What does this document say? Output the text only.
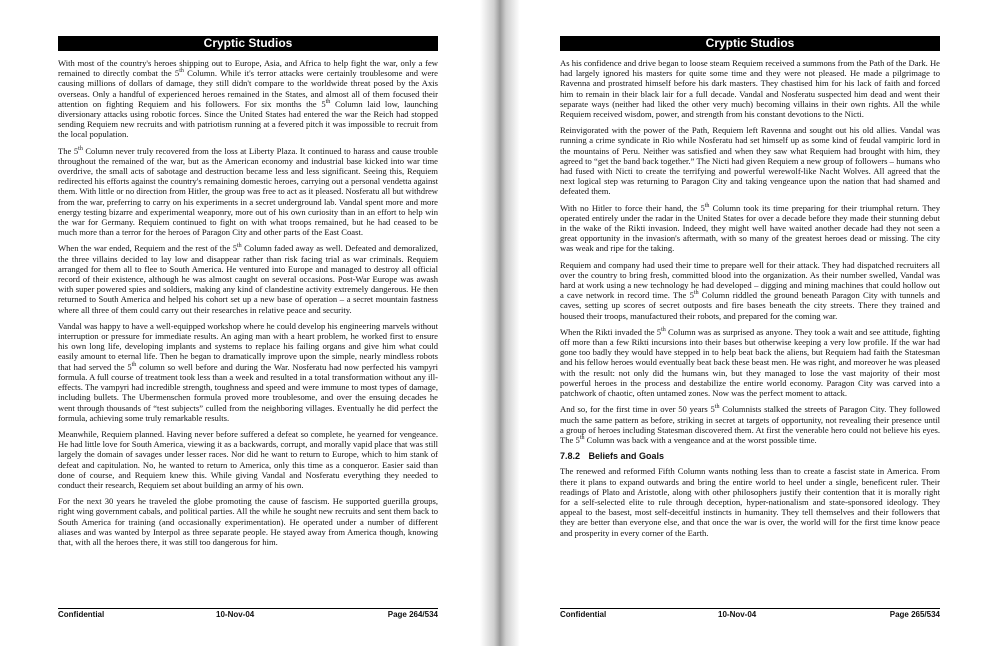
Cryptic Studios

With most of the country's heroes shipping out to Europe, Asia, and Africa to help fight the war, only a few remained to directly combat the 5th Column. While it's terror attacks were certainly troublesome and were causing millions of dollars of damage, they still didn't compare to the worldwide threat posed by the Axis overseas. Only a handful of experienced heroes remained in the States, and almost all of them focused their attention on fighting Requiem and his followers. For six months the 5th Column laid low, launching diversionary attacks using robotic forces. Since the United States had entered the war the Reich had stopped sending Requiem new recruits and with patriotism running at a fevered pitch it was impossible to recruit from the local population.

The 5th Column never truly recovered from the loss at Liberty Plaza. It continued to harass and cause trouble throughout the remained of the war, but as the American economy and industrial base kicked into war time overdrive, the small acts of sabotage and destruction became less and less significant. Seeing this, Requiem redirected his efforts against the country's remaining domestic heroes, carrying out a personal vendetta against them. With little or no direction from Hitler, the group was free to act as it pleased. Nosferatu all but withdrew from the war, preferring to carry on his experiments in a secret underground lab. Vandal spent more and more energy testing bizarre and experimental weaponry, more out of his own curiosity than in an effort to help win the war for Germany. Requiem continued to fight on with what troops remained, but he had ceased to be much more than a terror for the heroes of Paragon City and other parts of the East Coast.

When the war ended, Requiem and the rest of the 5th Column faded away as well. Defeated and demoralized, the three villains decided to lay low and disappear rather than risk facing trial as war criminals. Requiem arranged for them all to flee to South America. He ventured into Europe and managed to destroy all official record of their existence, although he was almost caught on several occasions. Post-War Europe was awash with super powered spies and soldiers, making any kind of clandestine activity extremely dangerous. He then returned to South America and helped his cohort set up a new base of operation – a secret mountain fastness where all three of them could carry out their researches in relative peace and security.

Vandal was happy to have a well-equipped workshop where he could develop his engineering marvels without interruption or pressure for immediate results. An aging man with a heart problem, he worked first to ensure his own long life, developing implants and systems to replace his failing organs and give him what could easily amount to eternal life. Then he began to dramatically improve upon the simple, nearly mindless robots that had served the 5th column so well before and during the War. Nosferatu had now perfected his vampyri formula. A full course of treatment took less than a week and resulted in a total transformation without any ill-effects. The vampyri had incredible strength, toughness and speed and were immune to most types of damage, including bullets. The Ubermenschen formula proved more troublesome, and over the ensuing decades he went through thousands of “test subjects” culled from the neighboring villages. Eventually he did perfect the formula, achieving some truly remarkable results.

Meanwhile, Requiem planned. Having never before suffered a defeat so complete, he yearned for vengeance. He had little love for South America, viewing it as a backwards, corrupt, and morally vapid place that was still largely the domain of savages under lesser races. Nor did he want to return to Europe, which to him stank of defeat and capitulation. No, he wanted to return to America, only this time as a conqueror. Easier said than done of course, and Requiem knew this. While giving Vandal and Nosferatu everything they needed to conduct their research, Requiem set about building an army of his own.

For the next 30 years he traveled the globe promoting the cause of fascism. He supported guerilla groups, right wing government cabals, and political parties. All the while he sought new recruits and sent them back to South America for training (and occasionally experimentation). He operated under a number of different aliases and was wanted by Interpol as three separate people. He stayed away from America though, knowing that, with all the heroes there, it was still too dangerous for him.

Confidential	10-Nov-04	Page 264/534
Cryptic Studios

As his confidence and drive began to loose steam Requiem received a summons from the Path of the Dark. He had largely ignored his masters for quite some time and they were not pleased. He made a pilgrimage to Ravenna and prostrated himself before his dark masters. They chastised him for his lack of faith and forced him to remain in their black lair for a full decade. Vandal and Nosferatu suspected him dead and went their separate ways (neither had liked the other very much) becoming villains in their own rights. All the while Requiem received wisdom, power, and strength from his constant devotions to the Nicti.

Reinvigorated with the power of the Path, Requiem left Ravenna and sought out his old allies. Vandal was running a crime syndicate in Rio while Nosferatu had set himself up as some kind of feudal vampiric lord in the mountains of Peru. Neither was satisfied and when they saw what Requiem had brought with him, they agreed to “get the band back together.” The Nicti had given Requiem a new group of followers – humans who had fused with Nicti to create the terrifying and powerful werewolf-like Nacht Wolves. All agreed that the next logical step was returning to Paragon City and taking vengeance upon the nation that had shamed and defeated them.

With no Hitler to force their hand, the 5th Column took its time preparing for their triumphal return. They operated entirely under the radar in the United States for over a decade before they made their stunning debut in the wake of the Rikti invasion. Indeed, they might well have waited another decade had they not seen a great opportunity in the invasion's aftermath, with so many of the greatest heroes dead or missing. The city was weak and ripe for the taking.

Requiem and company had used their time to prepare well for their attack. They had dispatched recruiters all over the country to bring fresh, committed blood into the organization. As their number swelled, Vandal was hard at work using a new technology he had developed – digging and mining machines that could hollow out a cave network in record time. The 5th Column riddled the ground beneath Paragon City with tunnels and caves, setting up scores of secret outposts and fire bases beneath the city streets. There they trained and housed their troops, manufactured their robots, and prepared for the coming war.

When the Rikti invaded the 5th Column was as surprised as anyone. They took a wait and see attitude, fighting off more than a few Rikti incursions into their bases but otherwise keeping a very low profile. If the war had gone too badly they would have stepped in to help beat back the aliens, but Requiem had faith the Statesman and his fellow heroes would eventually beat back these beast men. He was right, and moreover he was pleased with the result: not only did the humans win, but they managed to lose the vast majority of their most powerful heroes in the process and destabilize the entire world economy. Paragon City was carved into a patchwork of chaotic, often untamed zones. Now was the perfect moment to attack.

And so, for the first time in over 50 years 5th Columnists stalked the streets of Paragon City. They followed much the same pattern as before, striking in secret at targets of opportunity, not revealing their presence until a group of heroes including Statesman discovered them. At first the venerable hero could not believe his eyes. The 5th Column was back with a vengeance and at the worst possible time.

7.8.2 Beliefs and Goals

The renewed and reformed Fifth Column wants nothing less than to create a fascist state in America. From there it plans to expand outwards and bring the entire world to heel under a single, beneficent ruler. Their readings of Plato and Aristotle, along with other philosophers justify their contention that it is morally right for a self-selected elite to rule through deception, hyper-nationalism and state-sponsored ideology. They appeal to the basest, most self-deceitful instincts in humanity. They tell themselves and their followers that they are better than everyone else, and that once the war is over, the world will for the first time know peace and prosperity in every corner of the Earth.

Confidential	10-Nov-04	Page 265/534
